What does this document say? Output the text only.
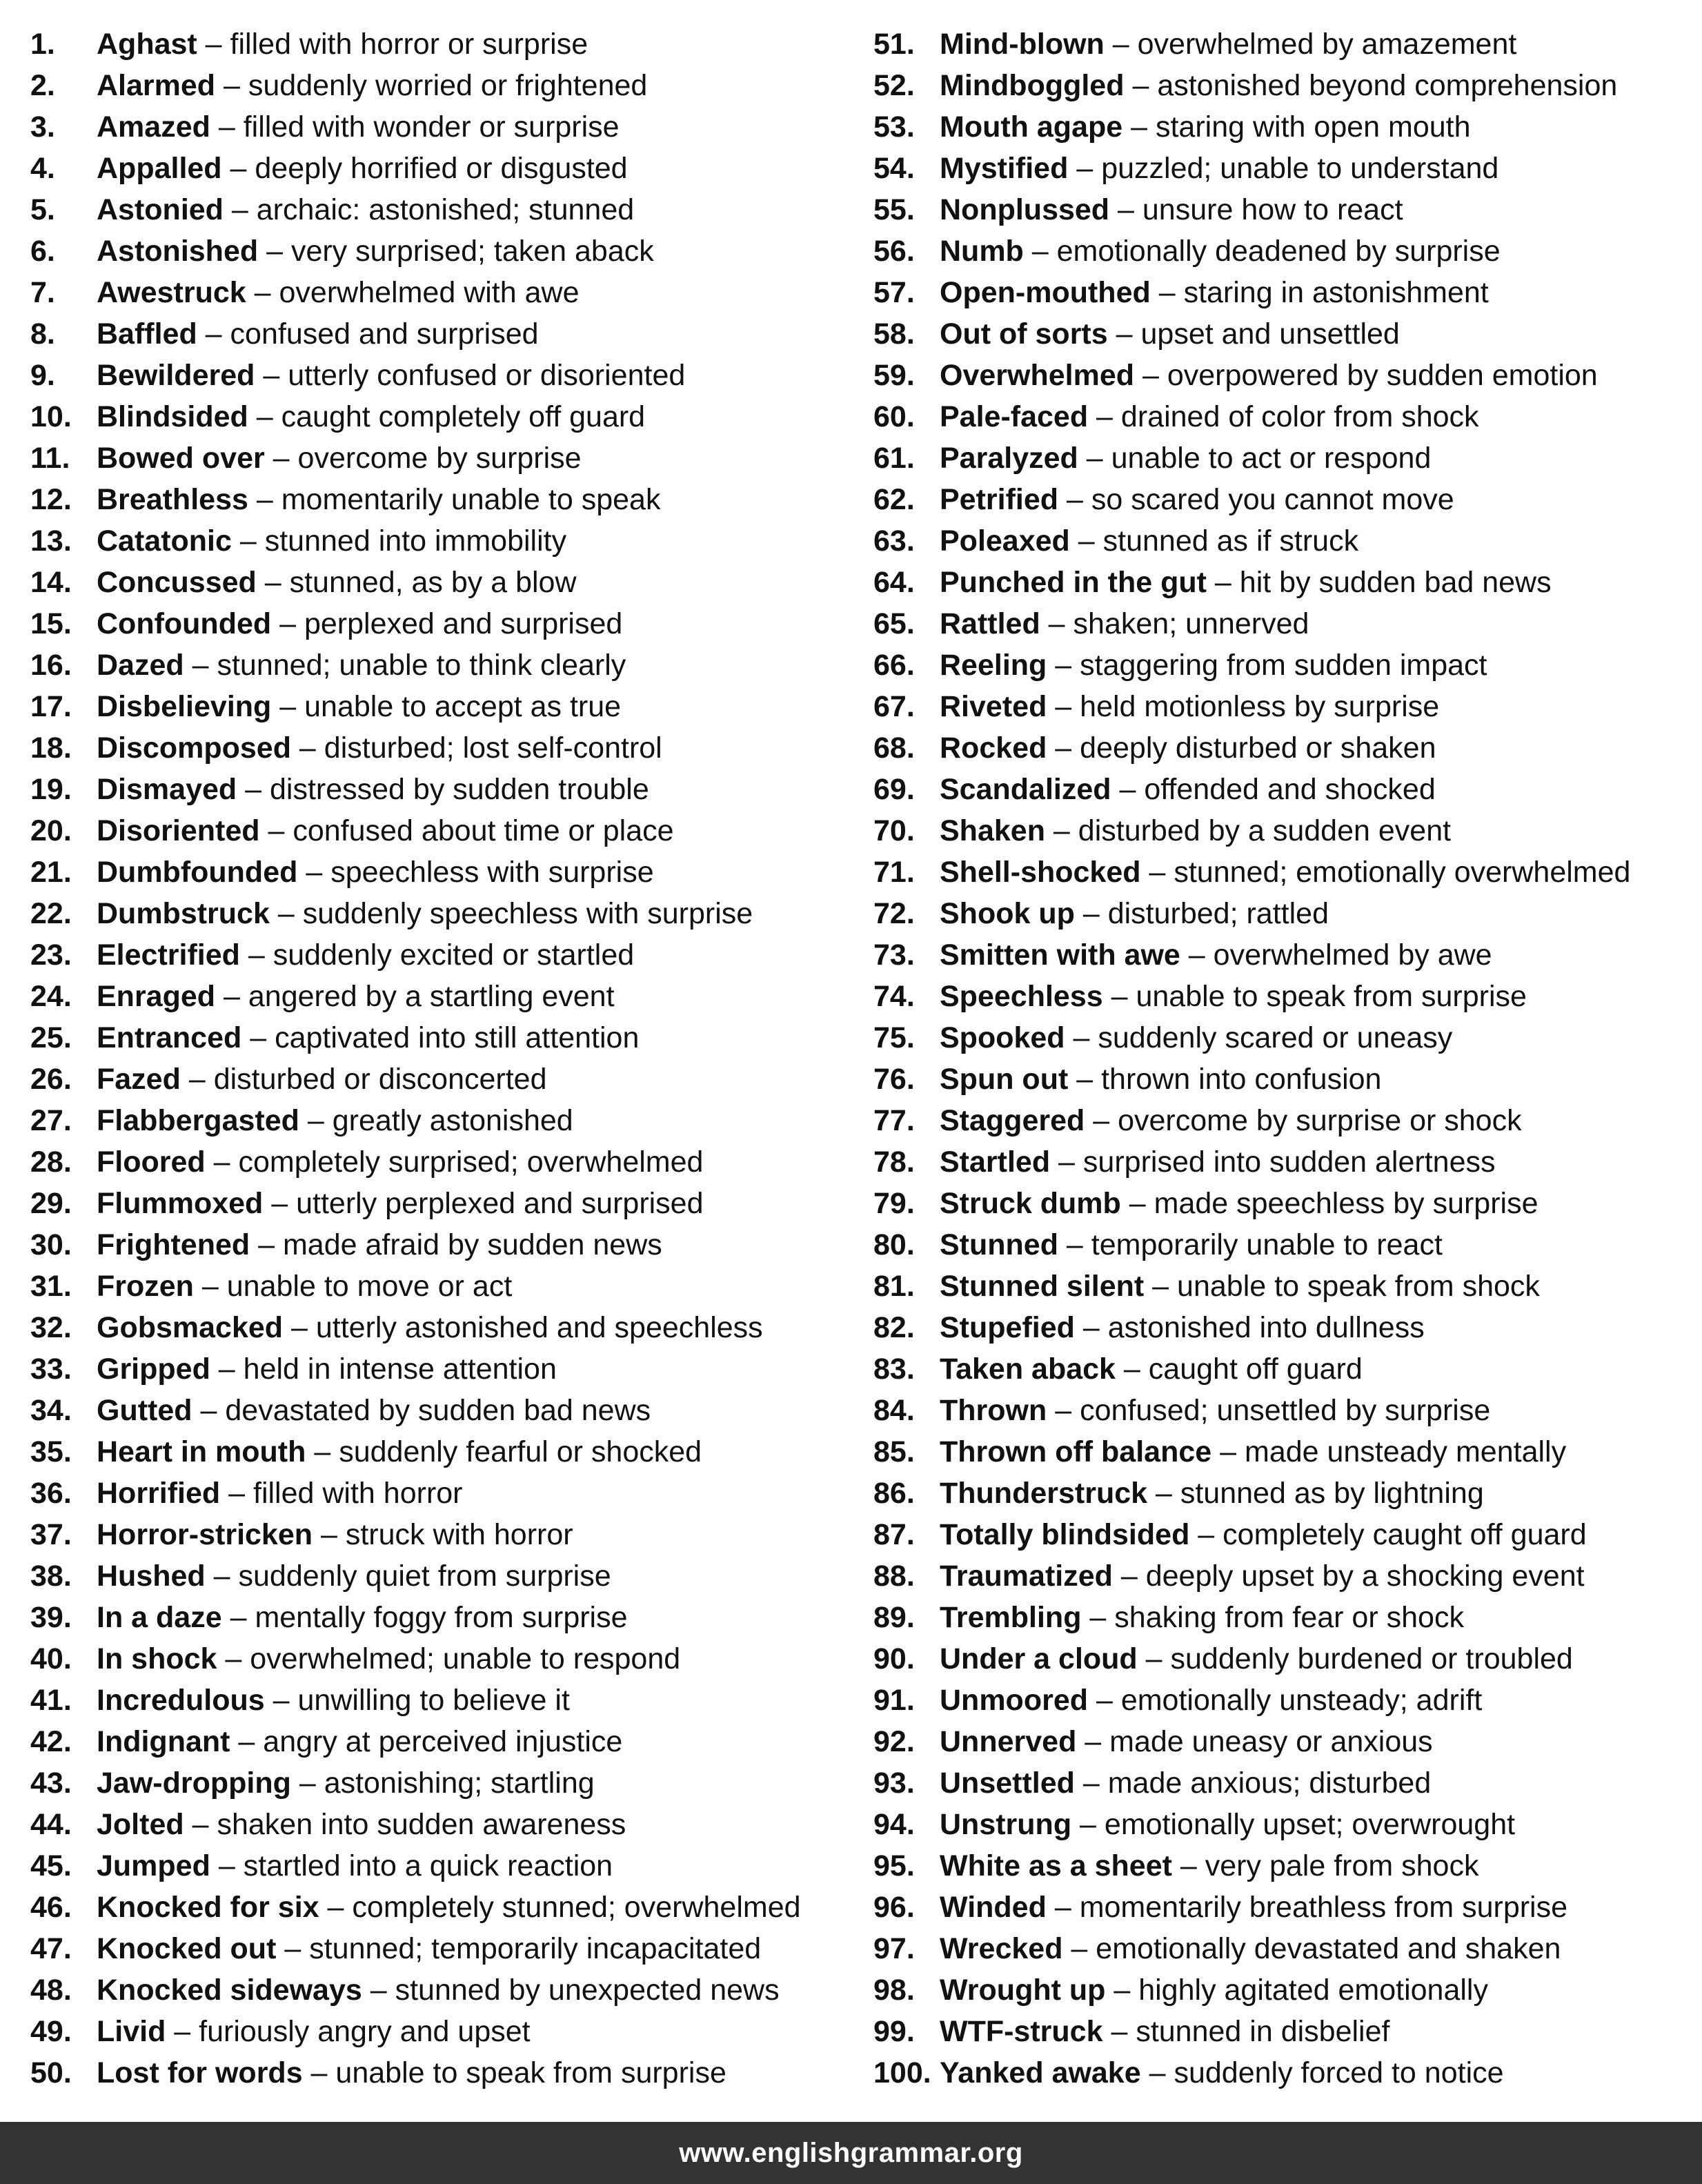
1. Aghast – filled with horror or surprise
2. Alarmed – suddenly worried or frightened
3. Amazed – filled with wonder or surprise
4. Appalled – deeply horrified or disgusted
5. Astonied – archaic: astonished; stunned
6. Astonished – very surprised; taken aback
7. Awestruck – overwhelmed with awe
8. Baffled – confused and surprised
9. Bewildered – utterly confused or disoriented
10. Blindsided – caught completely off guard
11. Bowed over – overcome by surprise
12. Breathless – momentarily unable to speak
13. Catatonic – stunned into immobility
14. Concussed – stunned, as by a blow
15. Confounded – perplexed and surprised
16. Dazed – stunned; unable to think clearly
17. Disbelieving – unable to accept as true
18. Discomposed – disturbed; lost self-control
19. Dismayed – distressed by sudden trouble
20. Disoriented – confused about time or place
21. Dumbfounded – speechless with surprise
22. Dumbstruck – suddenly speechless with surprise
23. Electrified – suddenly excited or startled
24. Enraged – angered by a startling event
25. Entranced – captivated into still attention
26. Fazed – disturbed or disconcerted
27. Flabbergasted – greatly astonished
28. Floored – completely surprised; overwhelmed
29. Flummoxed – utterly perplexed and surprised
30. Frightened – made afraid by sudden news
31. Frozen – unable to move or act
32. Gobsmacked – utterly astonished and speechless
33. Gripped – held in intense attention
34. Gutted – devastated by sudden bad news
35. Heart in mouth – suddenly fearful or shocked
36. Horrified – filled with horror
37. Horror-stricken – struck with horror
38. Hushed – suddenly quiet from surprise
39. In a daze – mentally foggy from surprise
40. In shock – overwhelmed; unable to respond
41. Incredulous – unwilling to believe it
42. Indignant – angry at perceived injustice
43. Jaw-dropping – astonishing; startling
44. Jolted – shaken into sudden awareness
45. Jumped – startled into a quick reaction
46. Knocked for six – completely stunned; overwhelmed
47. Knocked out – stunned; temporarily incapacitated
48. Knocked sideways – stunned by unexpected news
49. Livid – furiously angry and upset
50. Lost for words – unable to speak from surprise
51. Mind-blown – overwhelmed by amazement
52. Mindboggled – astonished beyond comprehension
53. Mouth agape – staring with open mouth
54. Mystified – puzzled; unable to understand
55. Nonplussed – unsure how to react
56. Numb – emotionally deadened by surprise
57. Open-mouthed – staring in astonishment
58. Out of sorts – upset and unsettled
59. Overwhelmed – overpowered by sudden emotion
60. Pale-faced – drained of color from shock
61. Paralyzed – unable to act or respond
62. Petrified – so scared you cannot move
63. Poleaxed – stunned as if struck
64. Punched in the gut – hit by sudden bad news
65. Rattled – shaken; unnerved
66. Reeling – staggering from sudden impact
67. Riveted – held motionless by surprise
68. Rocked – deeply disturbed or shaken
69. Scandalized – offended and shocked
70. Shaken – disturbed by a sudden event
71. Shell-shocked – stunned; emotionally overwhelmed
72. Shook up – disturbed; rattled
73. Smitten with awe – overwhelmed by awe
74. Speechless – unable to speak from surprise
75. Spooked – suddenly scared or uneasy
76. Spun out – thrown into confusion
77. Staggered – overcome by surprise or shock
78. Startled – surprised into sudden alertness
79. Struck dumb – made speechless by surprise
80. Stunned – temporarily unable to react
81. Stunned silent – unable to speak from shock
82. Stupefied – astonished into dullness
83. Taken aback – caught off guard
84. Thrown – confused; unsettled by surprise
85. Thrown off balance – made unsteady mentally
86. Thunderstruck – stunned as by lightning
87. Totally blindsided – completely caught off guard
88. Traumatized – deeply upset by a shocking event
89. Trembling – shaking from fear or shock
90. Under a cloud – suddenly burdened or troubled
91. Unmoored – emotionally unsteady; adrift
92. Unnerved – made uneasy or anxious
93. Unsettled – made anxious; disturbed
94. Unstrung – emotionally upset; overwrought
95. White as a sheet – very pale from shock
96. Winded – momentarily breathless from surprise
97. Wrecked – emotionally devastated and shaken
98. Wrought up – highly agitated emotionally
99. WTF-struck – stunned in disbelief
100. Yanked awake – suddenly forced to notice
www.englishgrammar.org
